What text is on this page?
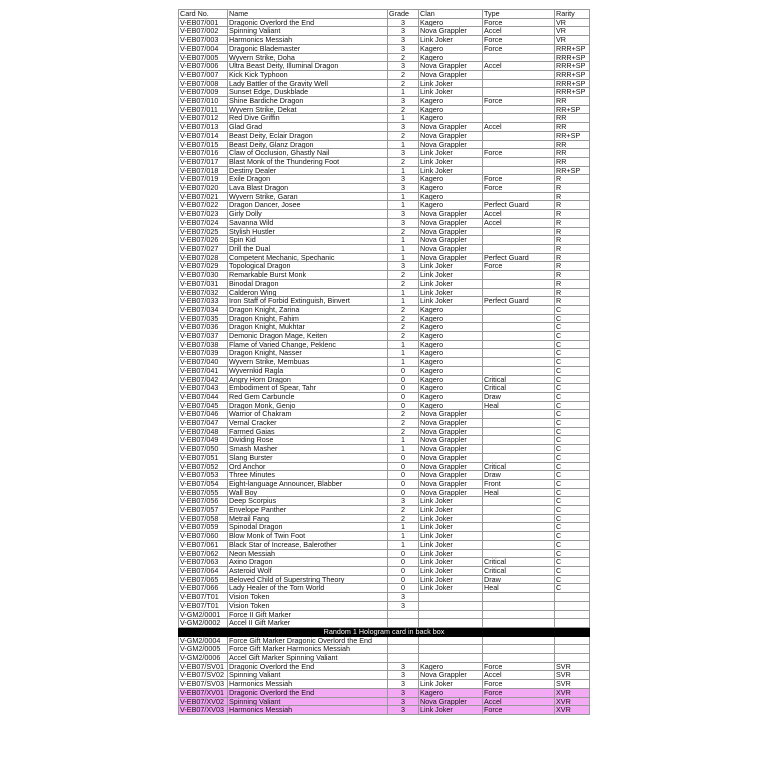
Card No.	Name	Grade	Clan	Type	Rarity
V-EB07/001	Dragonic Overlord the End	3	Kagero	Force	VR
V-EB07/002	Spinning Valiant	3	Nova Grappler	Accel	VR
V-EB07/003	Harmonics Messiah	3	Link Joker	Force	VR
V-EB07/004	Dragonic Blademaster	3	Kagero	Force	RRR+SP
V-EB07/005	Wyvern Strike, Doha	2	Kagero		RRR+SP
V-EB07/006	Ultra Beast Deity, Illuminal Dragon	3	Nova Grappler	Accel	RRR+SP
V-EB07/007	Kick Kick Typhoon	2	Nova Grappler		RRR+SP
V-EB07/008	Lady Battler of the Gravity Well	2	Link Joker		RRR+SP
V-EB07/009	Sunset Edge, Duskblade	1	Link Joker		RRR+SP
V-EB07/010	Shine Bardiche Dragon	3	Kagero	Force	RR
V-EB07/011	Wyvern Strike, Dekat	2	Kagero		RR+SP
V-EB07/012	Red Dive Griffin	1	Kagero		RR
V-EB07/013	Glad Grad	3	Nova Grappler	Accel	RR
V-EB07/014	Beast Deity, Eclair Dragon	2	Nova Grappler		RR+SP
V-EB07/015	Beast Deity, Glanz Dragon	1	Nova Grappler		RR
V-EB07/016	Claw of Occlusion, Ghastly Nail	3	Link Joker	Force	RR
V-EB07/017	Blast Monk of the Thundering Foot	2	Link Joker		RR
V-EB07/018	Destiny Dealer	1	Link Joker		RR+SP
V-EB07/019	Exile Dragon	3	Kagero	Force	R
V-EB07/020	Lava Blast Dragon	3	Kagero	Force	R
V-EB07/021	Wyvern Strike, Garan	1	Kagero		R
V-EB07/022	Dragon Dancer, Josee	1	Kagero	Perfect Guard	R
V-EB07/023	Girly Dolly	3	Nova Grappler	Accel	R
V-EB07/024	Savanna Wild	3	Nova Grappler	Accel	R
V-EB07/025	Stylish Hustler	2	Nova Grappler		R
V-EB07/026	Spin Kid	1	Nova Grappler		R
V-EB07/027	Drill the Dual	1	Nova Grappler		R
V-EB07/028	Competent Mechanic, Spechanic	1	Nova Grappler	Perfect Guard	R
V-EB07/029	Topological Dragon	3	Link Joker	Force	R
V-EB07/030	Remarkable Burst Monk	2	Link Joker		R
V-EB07/031	Binodal Dragon	2	Link Joker		R
V-EB07/032	Calderon Wing	1	Link Joker		R
V-EB07/033	Iron Staff of Forbid Extinguish, Binvert	1	Link Joker	Perfect Guard	R
V-EB07/034	Dragon Knight, Zarina	2	Kagero		C
V-EB07/035	Dragon Knight, Fahim	2	Kagero		C
V-EB07/036	Dragon Knight, Mukhtar	2	Kagero		C
V-EB07/037	Demonic Dragon Mage, Keiten	2	Kagero		C
V-EB07/038	Flame of Varied Change, Peklenc	1	Kagero		C
V-EB07/039	Dragon Knight, Nasser	1	Kagero		C
V-EB07/040	Wyvern Strike, Membuas	1	Kagero		C
V-EB07/041	Wyvernkid Ragla	0	Kagero		C
V-EB07/042	Angry Horn Dragon	0	Kagero	Critical	C
V-EB07/043	Embodiment of Spear, Tahr	0	Kagero	Critical	C
V-EB07/044	Red Gem Carbuncle	0	Kagero	Draw	C
V-EB07/045	Dragon Monk, Genjo	0	Kagero	Heal	C
V-EB07/046	Warrior of Chakram	2	Nova Grappler		C
V-EB07/047	Vernal Cracker	2	Nova Grappler		C
V-EB07/048	Farmed Gaias	2	Nova Grappler		C
V-EB07/049	Dividing Rose	1	Nova Grappler		C
V-EB07/050	Smash Masher	1	Nova Grappler		C
V-EB07/051	Slang Burster	0	Nova Grappler		C
V-EB07/052	Ord Anchor	0	Nova Grappler	Critical	C
V-EB07/053	Three Minutes	0	Nova Grappler	Draw	C
V-EB07/054	Eight-language Announcer, Blabber	0	Nova Grappler	Front	C
V-EB07/055	Wall Boy	0	Nova Grappler	Heal	C
V-EB07/056	Deep Scorpius	3	Link Joker		C
V-EB07/057	Envelope Panther	2	Link Joker		C
V-EB07/058	Metrail Fang	2	Link Joker		C
V-EB07/059	Spinodal Dragon	1	Link Joker		C
V-EB07/060	Blow Monk of Twin Foot	1	Link Joker		C
V-EB07/061	Black Star of Increase, Balerother	1	Link Joker		C
V-EB07/062	Neon Messiah	0	Link Joker		C
V-EB07/063	Axino Dragon	0	Link Joker	Critical	C
V-EB07/064	Asteroid Wolf	0	Link Joker	Critical	C
V-EB07/065	Beloved Child of Superstring Theory	0	Link Joker	Draw	C
V-EB07/066	Lady Healer of the Torn World	0	Link Joker	Heal	C
V-EB07/T01	Vision Token	3			
V-EB07/T01	Vision Token	3			
V-GM2/0001	Force II Gift Marker				
V-GM2/0002	Accel II Gift Marker				
Random 1 Hologram card in back box					
V-GM2/0004	Force Gift Marker Dragonic Overlord the End				
V-GM2/0005	Force Gift Marker Harmonics Messiah				
V-GM2/0006	Accel Gift Marker Spinning Valiant				
V-EB07/SV01	Dragonic Overlord the End	3	Kagero	Force	SVR
V-EB07/SV02	Spinning Valiant	3	Nova Grappler	Accel	SVR
V-EB07/SV03	Harmonics Messiah	3	Link Joker	Force	SVR
V-EB07/XV01	Dragonic Overlord the End	3	Kagero	Force	XVR
V-EB07/XV02	Spinning Valiant	3	Nova Grappler	Accel	XVR
V-EB07/XV03	Harmonics Messiah	3	Link Joker	Force	XVR
